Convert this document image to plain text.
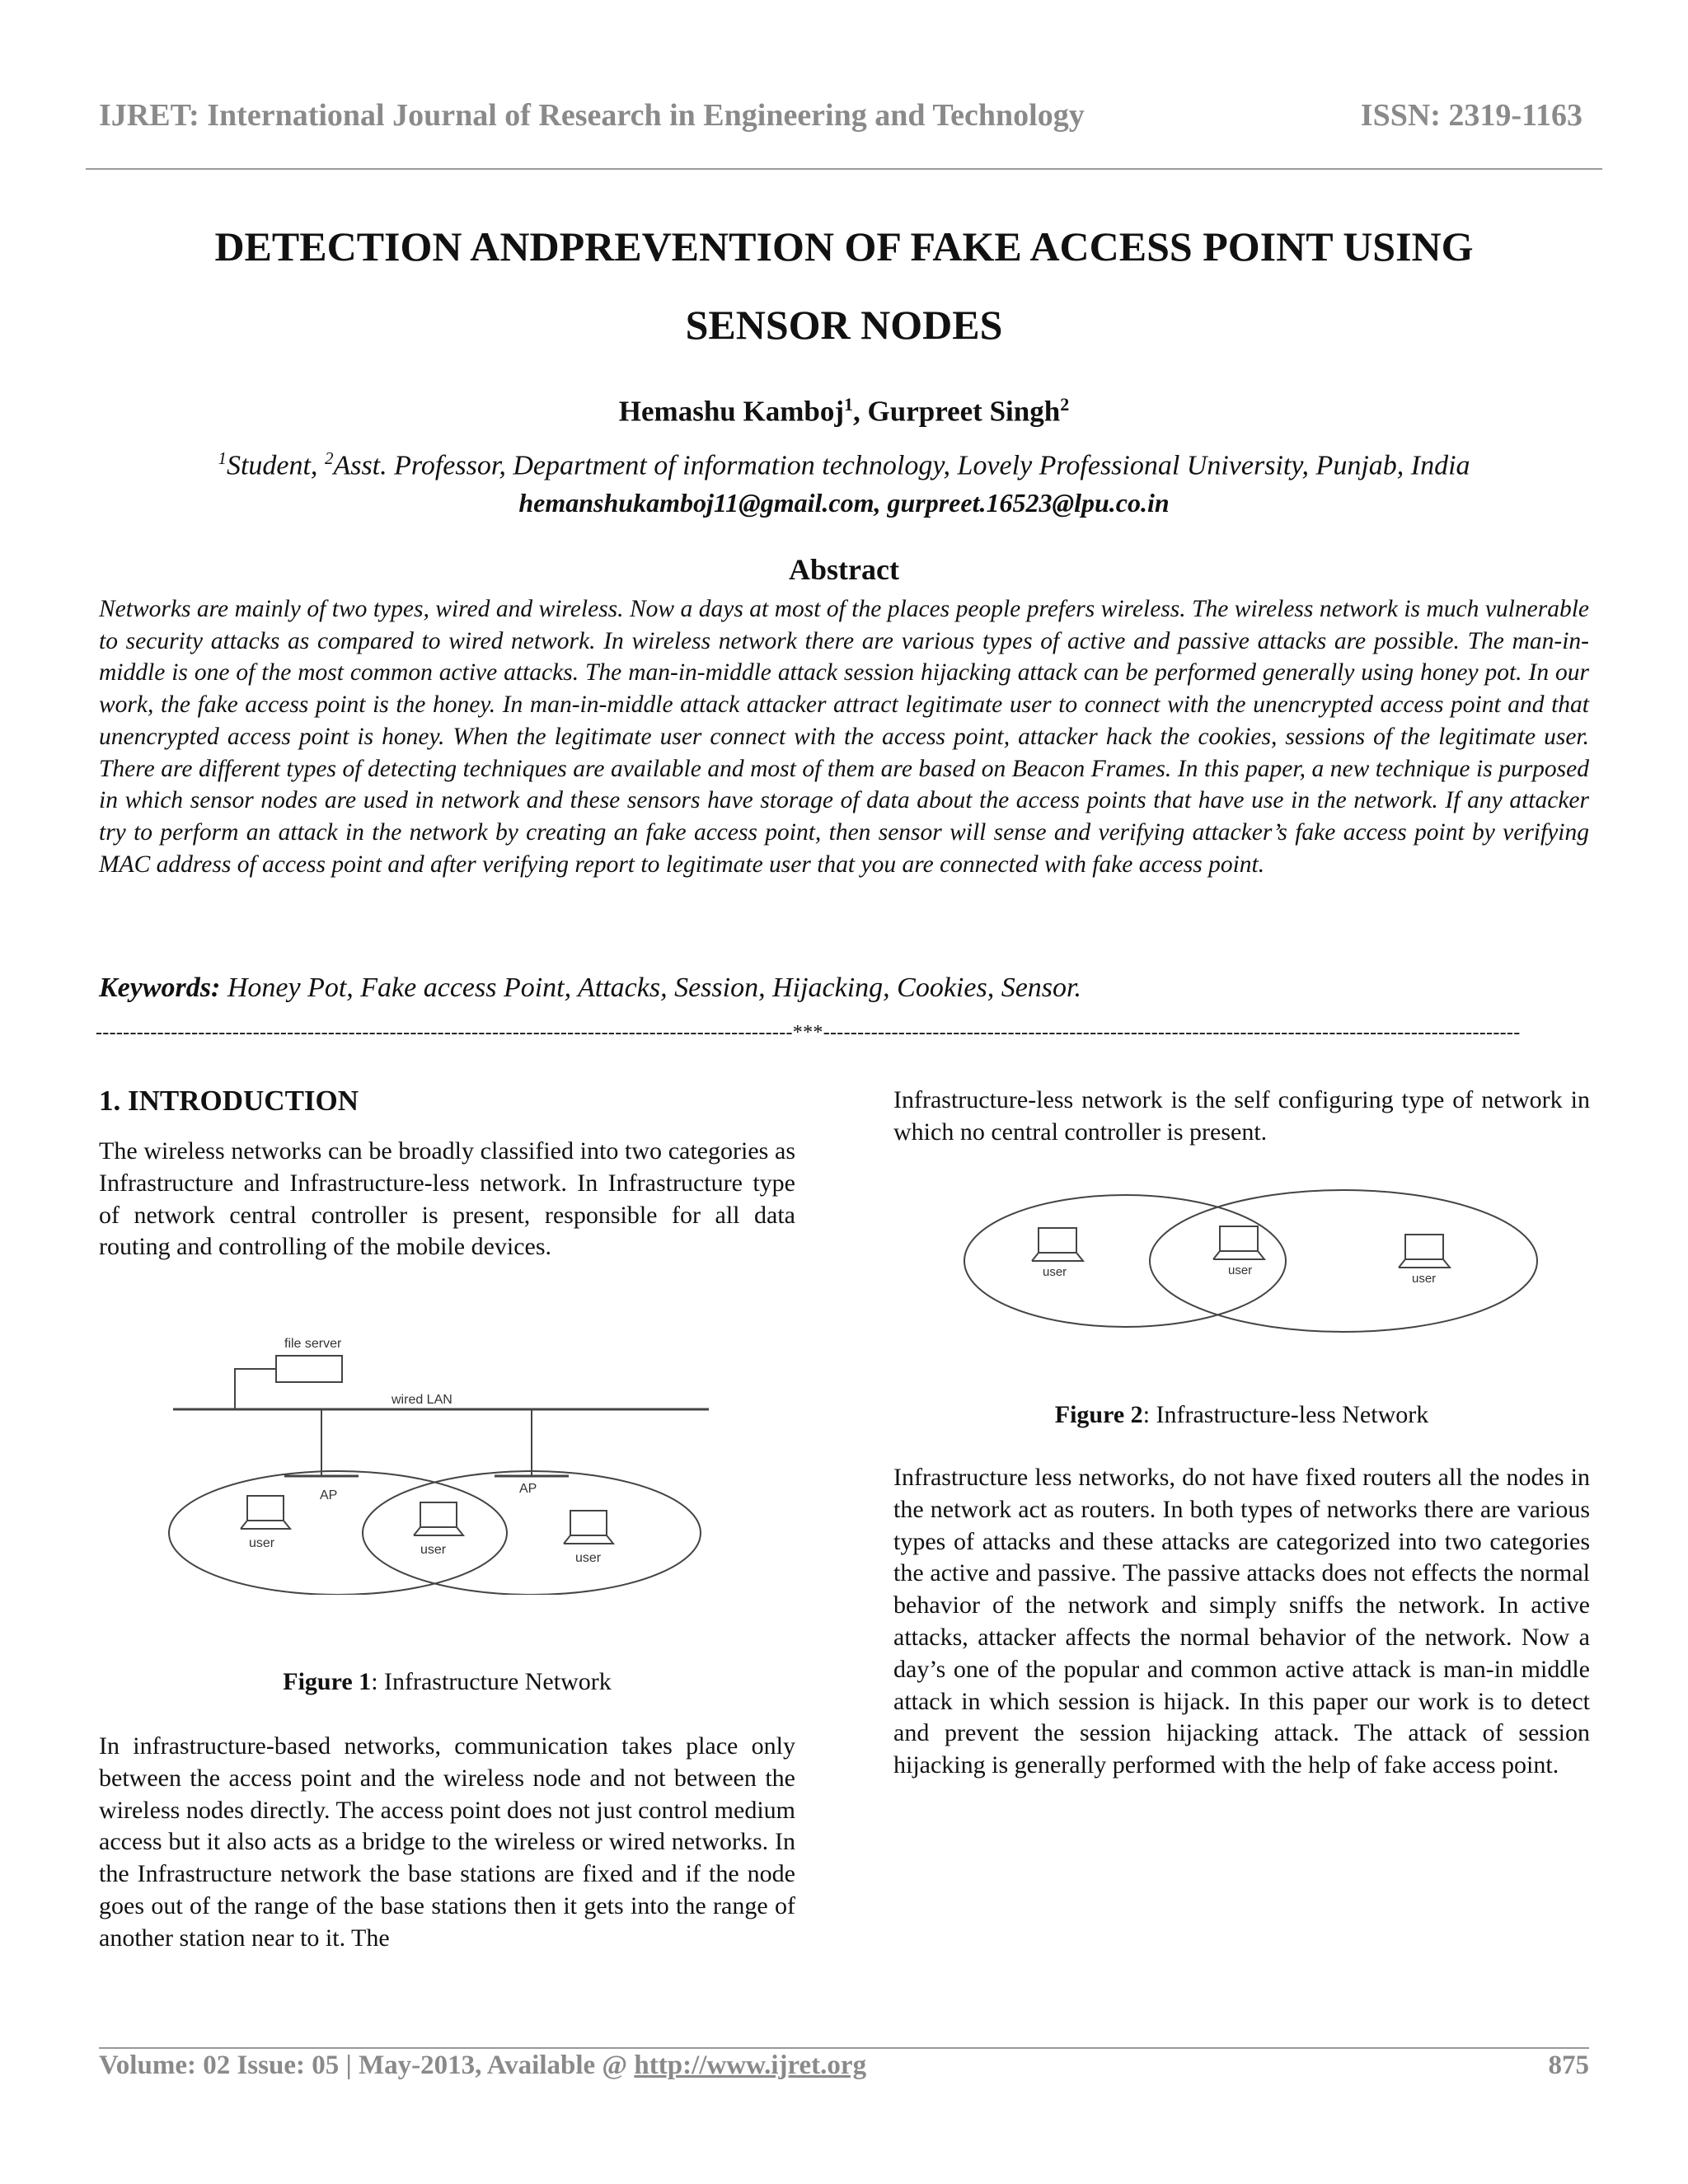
IJRET: International Journal of Research in Engineering and Technology	ISSN: 2319-1163
DETECTION ANDPREVENTION OF FAKE ACCESS POINT USING
SENSOR NODES
Hemashu Kamboj$^1$, Gurpreet Singh$^2$
$^1$Student, $^2$Asst. Professor, Department of information technology, Lovely Professional University, Punjab, India
hemanshukamboj11@gmail.com, gurpreet.16523@lpu.co.in
Abstract
Networks are mainly of two types, wired and wireless. Now a days at most of the places people prefers wireless. The wireless network is much vulnerable to security attacks as compared to wired network. In wireless network there are various types of active and passive attacks are possible. The man-in-middle is one of the most common active attacks. The man-in-middle attack session hijacking attack can be performed generally using honey pot. In our work, the fake access point is the honey. In man-in-middle attack attacker attract legitimate user to connect with the unencrypted access point and that unencrypted access point is honey. When the legitimate user connect with the access point, attacker hack the cookies, sessions of the legitimate user. There are different types of detecting techniques are available and most of them are based on Beacon Frames. In this paper, a new technique is purposed in which sensor nodes are used in network and these sensors have storage of data about the access points that have use in the network. If any attacker try to perform an attack in the network by creating an fake access point, then sensor will sense and verifying attacker’s fake access point by verifying MAC address of access point and after verifying report to legitimate user that you are connected with fake access point.
Keywords: Honey Pot, Fake access Point, Attacks, Session, Hijacking, Cookies, Sensor.
------------------------------------------------------------------------------------------------------***------------------------------------------------------------------------------------------------------
1. INTRODUCTION
The wireless networks can be broadly classified into two categories as Infrastructure and Infrastructure-less network. In Infrastructure type of network central controller is present, responsible for all data routing and controlling of the mobile devices.
file server
wired LAN
AP	AP
user	user
user
Figure 1: Infrastructure Network
In infrastructure-based networks, communication takes place only between the access point and the wireless node and not between the wireless nodes directly. The access point does not just control medium access but it also acts as a bridge to the wireless or wired networks. In the Infrastructure network the base stations are fixed and if the node goes out of the range of the base stations then it gets into the range of another station near to it. The
Infrastructure-less network is the self configuring type of network in which no central controller is present.
user	user
user
Figure 2: Infrastructure-less Network
Infrastructure less networks, do not have fixed routers all the nodes in the network act as routers. In both types of networks there are various types of attacks and these attacks are categorized into two categories the active and passive. The passive attacks does not effects the normal behavior of the network and simply sniffs the network. In active attacks, attacker affects the normal behavior of the network. Now a day’s one of the popular and common active attack is man-in middle attack in which session is hijack. In this paper our work is to detect and prevent the session hijacking attack. The attack of session hijacking is generally performed with the help of fake access point.
Volume: 02 Issue: 05 | May-2013, Available @ http://www.ijret.org	875
